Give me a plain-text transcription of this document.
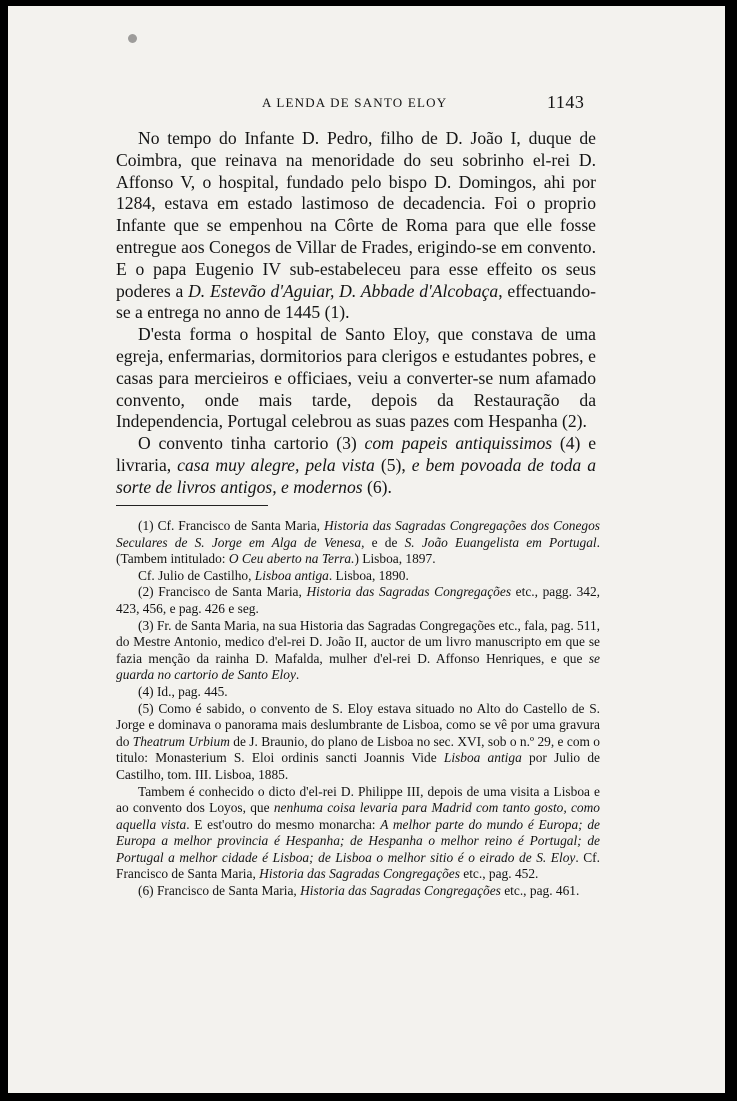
A LENDA DE SANTO ELOY	1143

No tempo do Infante D. Pedro, filho de D. João I, duque de Coimbra, que reinava na menoridade do seu sobrinho el-rei D. Affonso V, o hospital, fundado pelo bispo D. Domingos, ahi por 1284, estava em estado lastimoso de decadencia. Foi o proprio Infante que se empenhou na Côrte de Roma para que elle fosse entregue aos Conegos de Villar de Frades, erigindo-se em convento. E o papa Eugenio IV sub-estabeleceu para esse effeito os seus poderes a D. Estevão d'Aguiar, D. Abbade d'Alcobaça, effectuando-se a entrega no anno de 1445 (1).

D'esta forma o hospital de Santo Eloy, que constava de uma egreja, enfermarias, dormitorios para clerigos e estudantes pobres, e casas para mercieiros e officiaes, veiu a converter-se num afamado convento, onde mais tarde, depois da Restauração da Independencia, Portugal celebrou as suas pazes com Hespanha (2).

O convento tinha cartorio (3) com papeis antiquissimos (4) e livraria, casa muy alegre, pela vista (5), e bem povoada de toda a sorte de livros antigos, e modernos (6).

(1) Cf. Francisco de Santa Maria, Historia das Sagradas Congregações dos Conegos Seculares de S. Jorge em Alga de Venesa, e de S. João Euangelista em Portugal. (Tambem intitulado: O Ceu aberto na Terra.) Lisboa, 1897.

Cf. Julio de Castilho, Lisboa antiga. Lisboa, 1890.

(2) Francisco de Santa Maria, Historia das Sagradas Congregações etc., pagg. 342, 423, 456, e pag. 426 e seg.

(3) Fr. de Santa Maria, na sua Historia das Sagradas Congregações etc., fala, pag. 511, do Mestre Antonio, medico d'el-rei D. João II, auctor de um livro manuscripto em que se fazia menção da rainha D. Mafalda, mulher d'el-rei D. Affonso Henriques, e que se guarda no cartorio de Santo Eloy.

(4) Id., pag. 445.

(5) Como é sabido, o convento de S. Eloy estava situado no Alto do Castello de S. Jorge e dominava o panorama mais deslumbrante de Lisboa, como se vê por uma gravura do Theatrum Urbium de J. Braunio, do plano de Lisboa no sec. XVI, sob o n.º 29, e com o titulo: Monasterium S. Eloi ordinis sancti Joannis Vide Lisboa antiga por Julio de Castilho, tom. III. Lisboa, 1885.

Tambem é conhecido o dicto d'el-rei D. Philippe III, depois de uma visita a Lisboa e ao convento dos Loyos, que nenhuma coisa levaria para Madrid com tanto gosto, como aquella vista. E est'outro do mesmo monarcha: A melhor parte do mundo é Europa; de Europa a melhor provincia é Hespanha; de Hespanha o melhor reino é Portugal; de Portugal a melhor cidade é Lisboa; de Lisboa o melhor sitio é o eirado de S. Eloy. Cf. Francisco de Santa Maria, Historia das Sagradas Congregações etc., pag. 452.

(6) Francisco de Santa Maria, Historia das Sagradas Congregações etc., pag. 461.
